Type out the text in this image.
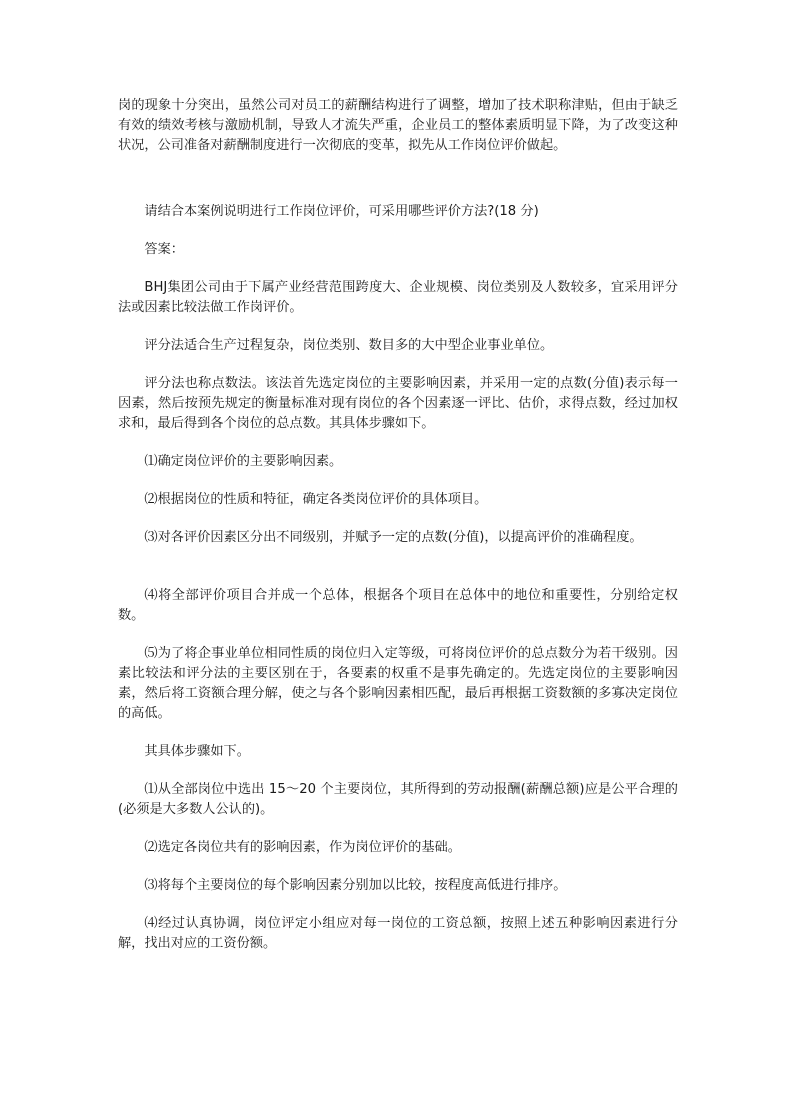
岗的现象十分突出，虽然公司对员工的薪酬结构进行了调整，增加了技术职称津贴，但由于缺乏有效的绩效考核与激励机制，导致人才流失严重，企业员工的整体素质明显下降，为了改变这种状况，公司准备对薪酬制度进行一次彻底的变革，拟先从工作岗位评价做起。

请结合本案例说明进行工作岗位评价，可采用哪些评价方法?(18 分)

答案：

BHJ集团公司由于下属产业经营范围跨度大、企业规模、岗位类别及人数较多，宜采用评分法或因素比较法做工作岗评价。

评分法适合生产过程复杂，岗位类别、数目多的大中型企业事业单位。

评分法也称点数法。该法首先选定岗位的主要影响因素，并采用一定的点数(分值)表示每一因素，然后按预先规定的衡量标准对现有岗位的各个因素逐一评比、估价，求得点数，经过加权求和，最后得到各个岗位的总点数。其具体步骤如下。

⑴确定岗位评价的主要影响因素。

⑵根据岗位的性质和特征，确定各类岗位评价的具体项目。

⑶对各评价因素区分出不同级别，并赋予一定的点数(分值)，以提高评价的准确程度。

⑷将全部评价项目合并成一个总体，根据各个项目在总体中的地位和重要性，分别给定权数。

⑸为了将企事业单位相同性质的岗位归入定等级，可将岗位评价的总点数分为若干级别。因素比较法和评分法的主要区别在于，各要素的权重不是事先确定的。先选定岗位的主要影响因素，然后将工资额合理分解，使之与各个影响因素相匹配，最后再根据工资数额的多寡决定岗位的高低。

其具体步骤如下。

⑴从全部岗位中选出 15～20 个主要岗位，其所得到的劳动报酬(薪酬总额)应是公平合理的(必须是大多数人公认的)。

⑵选定各岗位共有的影响因素，作为岗位评价的基础。

⑶将每个主要岗位的每个影响因素分别加以比较，按程度高低进行排序。

⑷经过认真协调，岗位评定小组应对每一岗位的工资总额，按照上述五种影响因素进行分解，找出对应的工资份额。
